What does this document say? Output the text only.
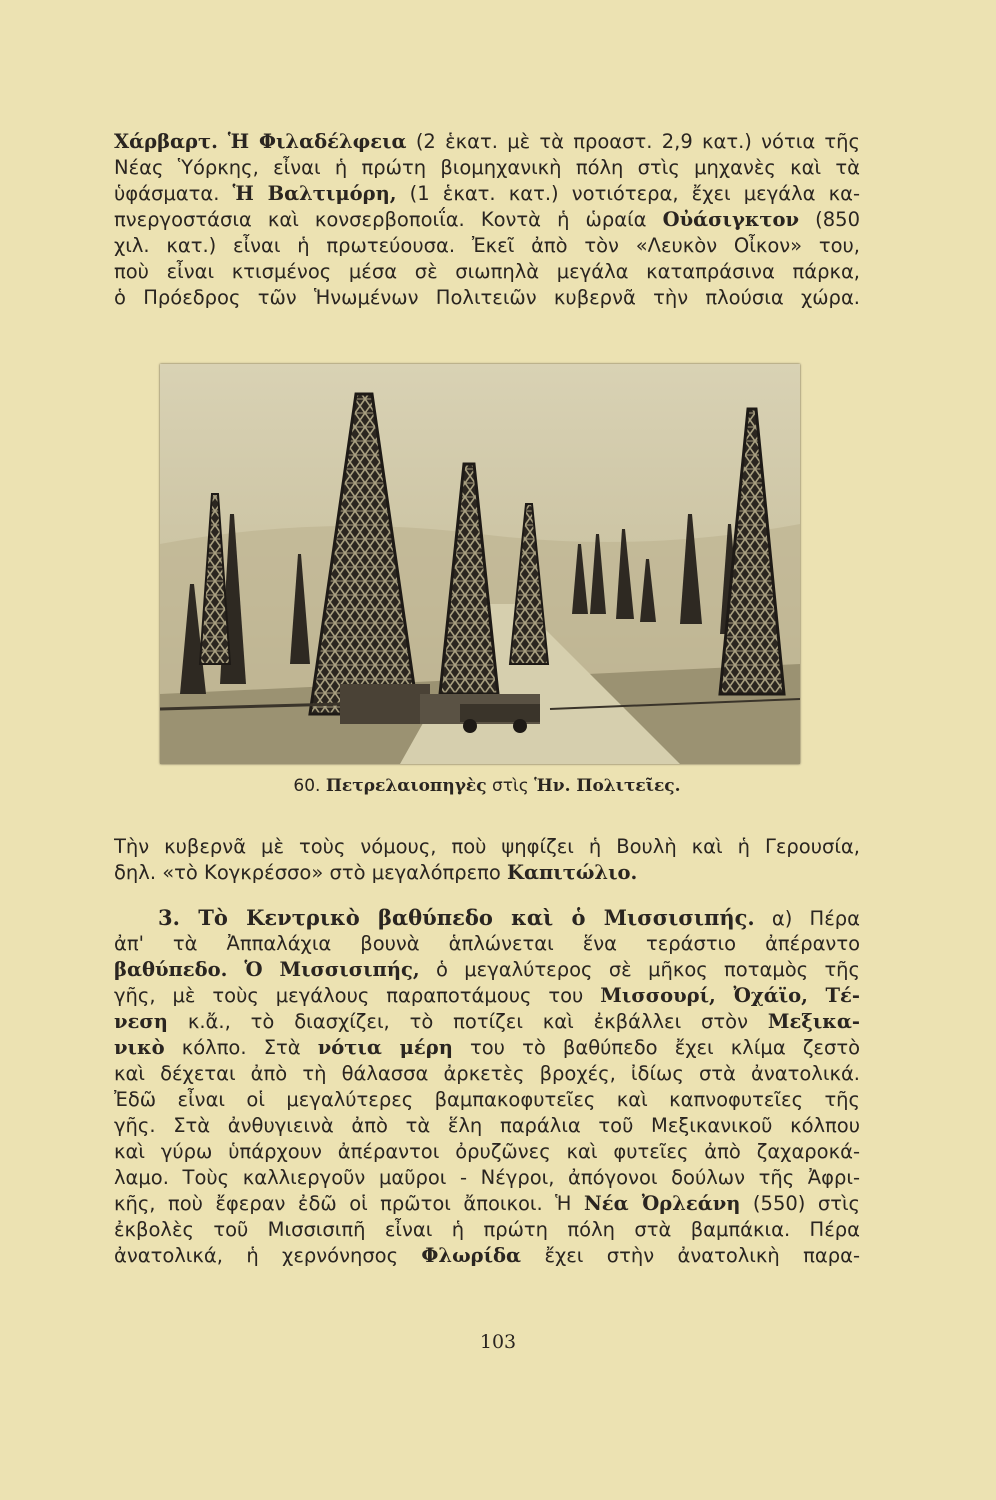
Χάρβαρτ. Ἡ Φιλαδέλφεια (2 ἑκατ. μὲ τὰ προαστ. 2,9 κατ.) νότια τῆς
Νέας Ὑόρκης, εἶναι ἡ πρώτη βιομηχανικὴ πόλη στὶς μηχανὲς καὶ τὰ
ὑφάσματα. Ἡ Βαλτιμόρη, (1 ἑκατ. κατ.) νοτιότερα, ἔχει μεγάλα κα-
πνεργοστάσια καὶ κονσερβοποιΐα. Κοντὰ ἡ ὡραία Οὐάσιγκτον (850
χιλ. κατ.) εἶναι ἡ πρωτεύουσα. Ἐκεῖ ἀπὸ τὸν «Λευκὸν Οἶκον» του,
ποὺ εἶναι κτισμένος μέσα σὲ σιωπηλὰ μεγάλα καταπράσινα πάρκα,
ὁ Πρόεδρος τῶν Ἡνωμένων Πολιτειῶν κυβερνᾶ τὴν πλούσια χώρα.
60. Πετρελαιοπηγὲς στὶς Ἡν. Πολιτεῖες.
Τὴν κυβερνᾶ μὲ τοὺς νόμους, ποὺ ψηφίζει ἡ Βουλὴ καὶ ἡ Γερουσία,
δηλ. «τὸ Κογκρέσσο» στὸ μεγαλόπρεπο Καπιτώλιο.
3. Τὸ Κεντρικὸ βαθύπεδο καὶ ὁ Μισσισιπής. α) Πέρα
ἀπ' τὰ Ἀππαλάχια βουνὰ ἁπλώνεται ἕνα τεράστιο ἀπέραντο
βαθύπεδο. Ὁ Μισσισιπής, ὁ μεγαλύτερος σὲ μῆκος ποταμὸς τῆς
γῆς, μὲ τοὺς μεγάλους παραποτάμους του Μισσουρί, Ὀχάϊο, Τέ-
νεση κ.ἄ., τὸ διασχίζει, τὸ ποτίζει καὶ ἐκβάλλει στὸν Μεξικα-
νικὸ κόλπο. Στὰ νότια μέρη του τὸ βαθύπεδο ἔχει κλίμα ζεστὸ
καὶ δέχεται ἀπὸ τὴ θάλασσα ἀρκετὲς βροχές, ἰδίως στὰ ἀνατολικά.
Ἐδῶ εἶναι οἱ μεγαλύτερες βαμπακοφυτεῖες καὶ καπνοφυτεῖες τῆς
γῆς. Στὰ ἀνθυγιεινὰ ἀπὸ τὰ ἕλη παράλια τοῦ Μεξικανικοῦ κόλπου
καὶ γύρω ὑπάρχουν ἀπέραντοι ὀρυζῶνες καὶ φυτεῖες ἀπὸ ζαχαροκά-
λαμο. Τοὺς καλλιεργοῦν μαῦροι - Νέγροι, ἀπόγονοι δούλων τῆς Ἀφρι-
κῆς, ποὺ ἔφεραν ἐδῶ οἱ πρῶτοι ἄποικοι. Ἡ Νέα Ὀρλεάνη (550) στὶς
ἐκβολὲς τοῦ Μισσισιπῆ εἶναι ἡ πρώτη πόλη στὰ βαμπάκια. Πέρα
ἀνατολικά, ἡ χερνόνησος Φλωρίδα ἔχει στὴν ἀνατολικὴ παρα-
103
